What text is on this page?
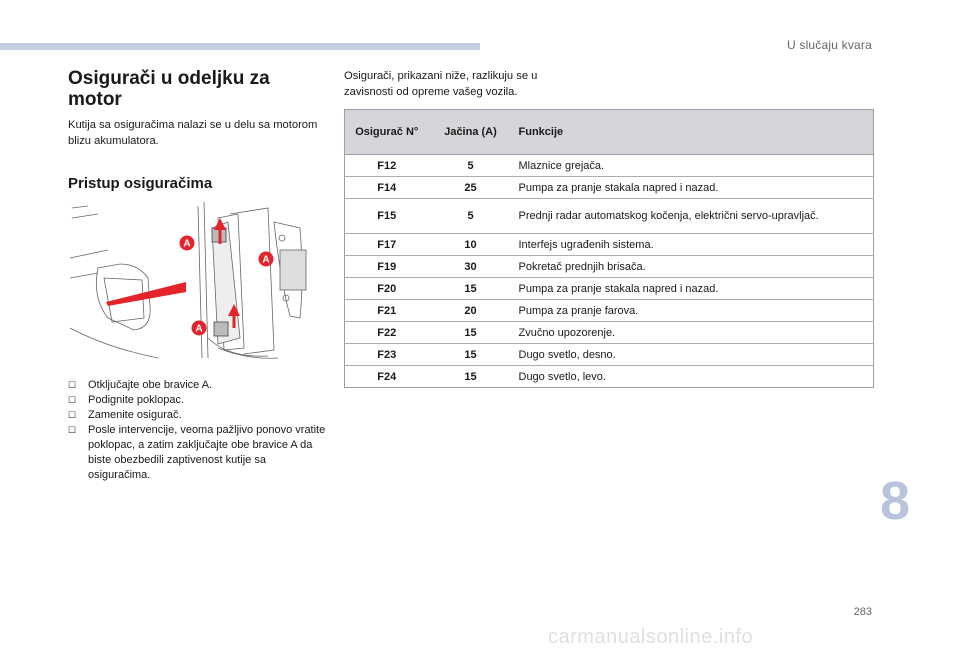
U slučaju kvara
Osigurači u odeljku za motor
Kutija sa osiguračima nalazi se u delu sa motorom blizu akumulatora.
Pristup osiguračima
A
A
A
☐ Otključajte obe bravice A.
☐ Podignite poklopac.
☐ Zamenite osigurač.
☐ Posle intervencije, veoma pažljivo ponovo vratite poklopac, a zatim zaključajte obe bravice A da biste obezbedili zaptivenost kutije sa osiguračima.
Osigurači, prikazani niže, razlikuju se u zavisnosti od opreme vašeg vozila.
Osigurač N°	Jačina (A)	Funkcije
F12	5	Mlaznice grejača.
F14	25	Pumpa za pranje stakala napred i nazad.
F15	5	Prednji radar automatskog kočenja, električni servo-upravljač.
F17	10	Interfejs ugrađenih sistema.
F19	30	Pokretač prednjih brisača.
F20	15	Pumpa za pranje stakala napred i nazad.
F21	20	Pumpa za pranje farova.
F22	15	Zvučno upozorenje.
F23	15	Dugo svetlo, desno.
F24	15	Dugo svetlo, levo.
8
283
carmanualsonline.info
